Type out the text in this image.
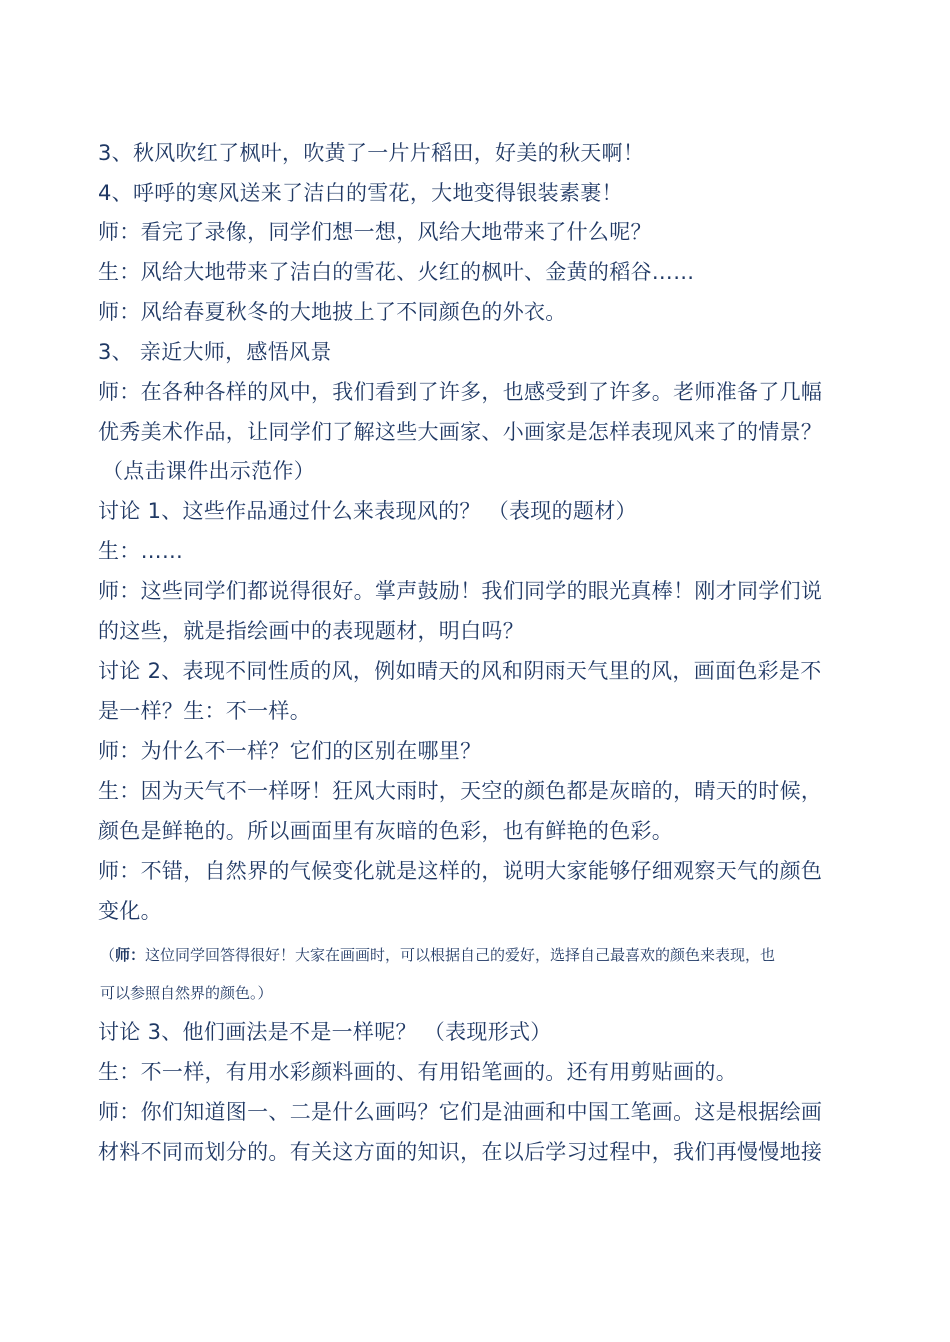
3、秋风吹红了枫叶，吹黄了一片片稻田，好美的秋天啊！
4、呼呼的寒风送来了洁白的雪花，大地变得银装素裹！
师：看完了录像，同学们想一想，风给大地带来了什么呢？
生：风给大地带来了洁白的雪花、火红的枫叶、金黄的稻谷……
师：风给春夏秋冬的大地披上了不同颜色的外衣。
3、 亲近大师，感悟风景
师：在各种各样的风中，我们看到了许多，也感受到了许多。老师准备了几幅
优秀美术作品，让同学们了解这些大画家、小画家是怎样表现风来了的情景？
（点击课件出示范作）
讨论 1、这些作品通过什么来表现风的？ （表现的题材）
生：……
师：这些同学们都说得很好。掌声鼓励！我们同学的眼光真棒！刚才同学们说
的这些，就是指绘画中的表现题材，明白吗？
讨论 2、表现不同性质的风，例如晴天的风和阴雨天气里的风，画面色彩是不
是一样？生：不一样。
师：为什么不一样？它们的区别在哪里？
生：因为天气不一样呀！狂风大雨时，天空的颜色都是灰暗的，晴天的时候，
颜色是鲜艳的。所以画面里有灰暗的色彩，也有鲜艳的色彩。
师：不错，自然界的气候变化就是这样的，说明大家能够仔细观察天气的颜色
变化。
（师：这位同学回答得很好！大家在画画时，可以根据自己的爱好，选择自己最喜欢的颜色来表现，也
可以参照自然界的颜色。）
讨论 3、他们画法是不是一样呢？ （表现形式）
生：不一样，有用水彩颜料画的、有用铅笔画的。还有用剪贴画的。
师：你们知道图一、二是什么画吗？它们是油画和中国工笔画。这是根据绘画
材料不同而划分的。有关这方面的知识，在以后学习过程中，我们再慢慢地接
